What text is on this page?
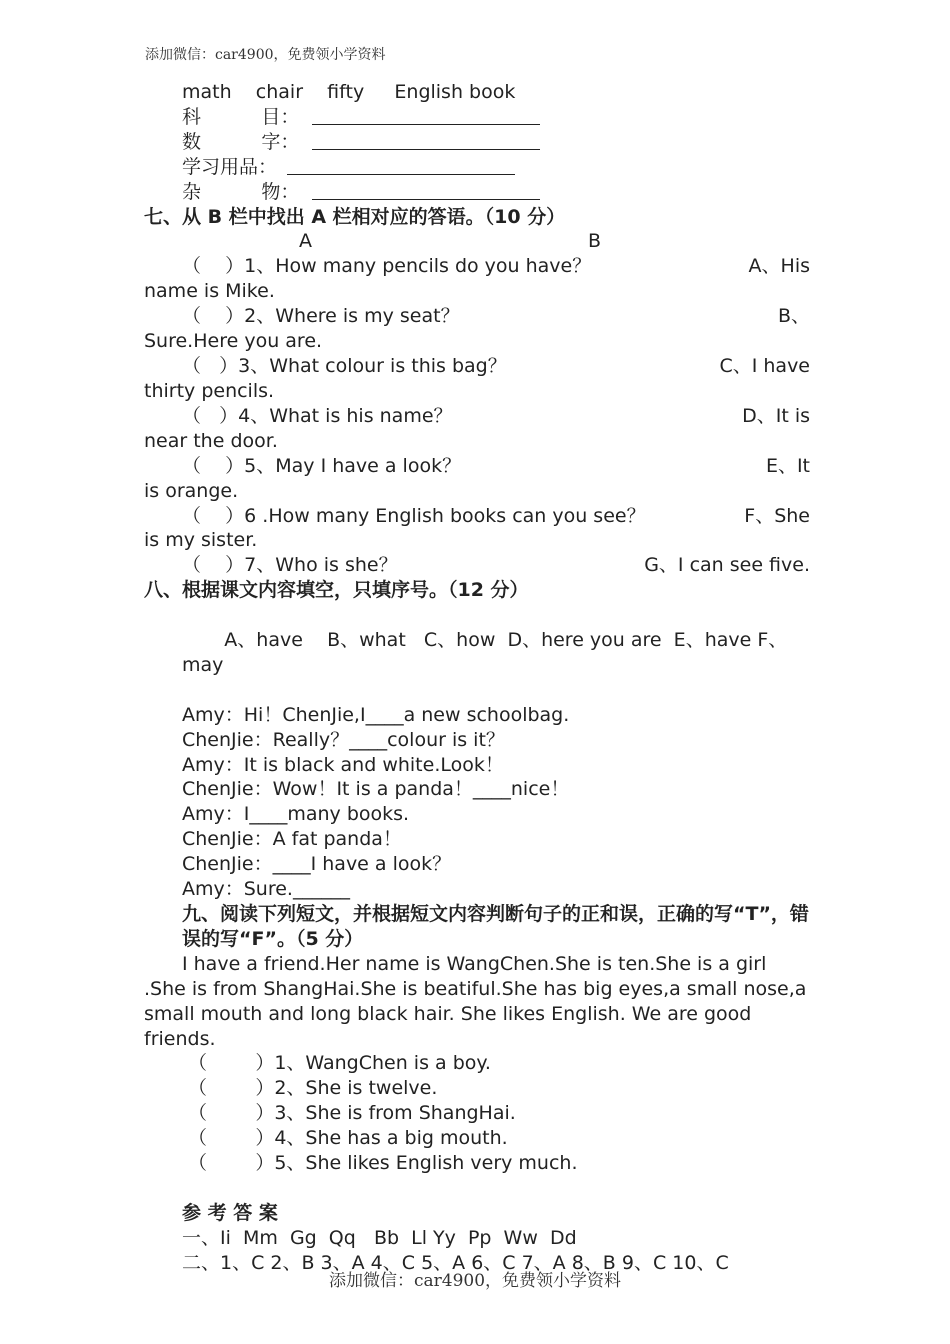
添加微信：car4900，免费领小学资料
math    chair    fifty     English book
科          目：
数          字：
学习用品：
杂          物：
七、从 B 栏中找出 A 栏相对应的答语。（10 分）
A	B
（    ）1、How many pencils do you have？	A、His
name is Mike.
（    ）2、Where is my seat？	B、
Sure.Here you are.
（   ）3、What colour is this bag？	C、I have
thirty pencils.
（   ）4、What is his name？	D、It is
near the door.
（    ）5、May I have a look？	E、It
is orange.
（    ）6 .How many English books can you see？	F、She
is my sister.
（    ）7、Who is she？	G、I can see five.
八、根据课文内容填空，只填序号。（12 分）

A、have    B、what   C、how  D、here you are  E、have F、may

Amy：Hi！ChenJie,I____a new schoolbag.
ChenJie：Really？____colour is it？
Amy：It is black and white.Look！
ChenJie：Wow！It is a panda！____nice！
Amy：I____many books.
ChenJie：A fat panda！
ChenJie：____I have a look？
Amy：Sure.______
九、阅读下列短文，并根据短文内容判断句子的正和误，正确的写“T”，错误的写“F”。（5 分）
I have a friend.Her name is WangChen.She is ten.She is a girl .She is from ShangHai.She is beatiful.She has big eyes,a small nose,a small mouth and long black hair. She likes English. We are good friends.
（        ）1、WangChen is a boy.
（        ）2、She is twelve.
（        ）3、She is from ShangHai.
（        ）4、She has a big mouth.
（        ）5、She likes English very much.
参 考 答 案
一、Ii  Mm  Gg  Qq   Bb  Ll Yy  Pp  Ww  Dd
二、1、C 2、B 3、A 4、C 5、A 6、C 7、A 8、B 9、C 10、C
添加微信：car4900，免费领小学资料
